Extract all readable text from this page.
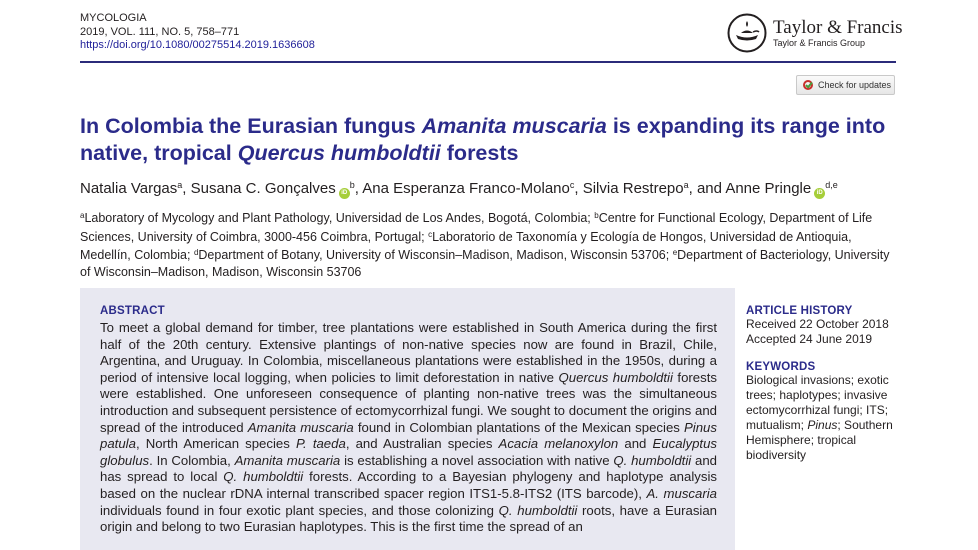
MYCOLOGIA
2019, VOL. 111, NO. 5, 758–771
https://doi.org/10.1080/00275514.2019.1636608
Taylor & Francis
Taylor & Francis Group
Check for updates
In Colombia the Eurasian fungus Amanita muscaria is expanding its range into native, tropical Quercus humboldtii forests
Natalia Vargas$^a$, Susana C. Gonçalves $iD^b$, Ana Esperanza Franco-Molano$^c$, Silvia Restrepo$^a$, and Anne Pringle iD$^{d,e}$
$^a$Laboratory of Mycology and Plant Pathology, Universidad de Los Andes, Bogotá, Colombia; $^b$Centre for Functional Ecology, Department of Life Sciences, University of Coimbra, 3000-456 Coimbra, Portugal; $^c$Laboratorio de Taxonomía y Ecología de Hongos, Universidad de Antioquia, Medellín, Colombia; $^d$Department of Botany, University of Wisconsin–Madison, Madison, Wisconsin 53706; $^e$Department of Bacteriology, University of Wisconsin–Madison, Madison, Wisconsin 53706
ABSTRACT
To meet a global demand for timber, tree plantations were established in South America during the first half of the 20th century. Extensive plantings of non-native species now are found in Brazil, Chile, Argentina, and Uruguay. In Colombia, miscellaneous plantations were established in the 1950s, during a period of intensive local logging, when policies to limit deforestation in native Quercus humboldtii forests were established. One unforeseen consequence of planting non-native trees was the simultaneous introduction and subsequent persistence of ectomycorrhizal fungi. We sought to document the origins and spread of the introduced Amanita muscaria found in Colombian plantations of the Mexican species Pinus patula, North American species P. taeda, and Australian species Acacia melanoxylon and Eucalyptus globulus. In Colombia, Amanita muscaria is establishing a novel association with native Q. humboldtii and has spread to local Q. humboldtii forests. According to a Bayesian phylogeny and haplotype analysis based on the nuclear rDNA internal transcribed spacer region ITS1-5.8-ITS2 (ITS barcode), A. muscaria individuals found in four exotic plant species, and those colonizing Q. humboldtii roots, have a Eurasian origin and belong to two Eurasian haplotypes. This is the first time the spread of an
ARTICLE HISTORY
Received 22 October 2018
Accepted 24 June 2019
KEYWORDS
Biological invasions; exotic trees; haplotypes; invasive ectomycorrhizal fungi; ITS; mutualism; Pinus; Southern Hemisphere; tropical biodiversity
